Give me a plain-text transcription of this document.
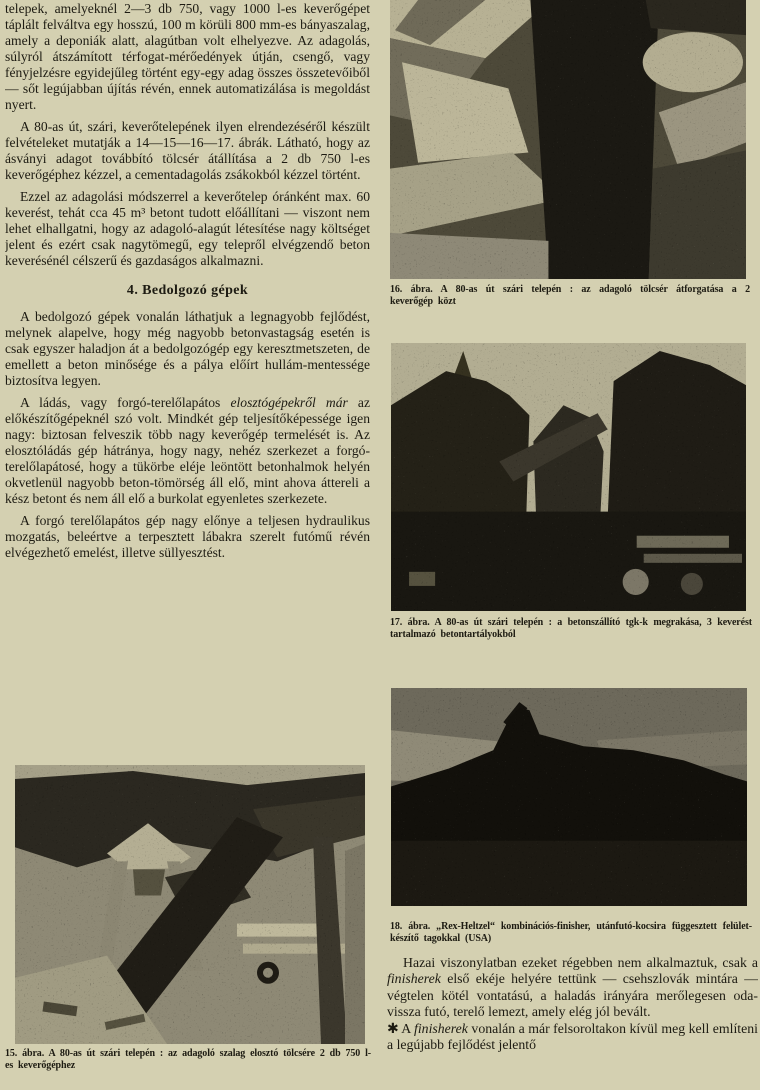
telepek, amelyeknél 2—3 db 750, vagy 1000 l-es keverőgépet táplált felváltva egy hosszú, 100 m körüli 800 mm-es bányaszalag, amely a deponiák alatt, alagútban volt elhelyezve. Az adagolás, súlyról átszámított térfogat-mérőedények útján, csengő, vagy fényjelzésre egyidejűleg történt egy-egy adag összes összetevőiből — sőt legújabban újítás révén, ennek automatizálása is megoldást nyert.

A 80-as út, szári, keverőtelepének ilyen elrendezéséről készült felvételeket mutatják a 14—15—16—17. ábrák. Látható, hogy az ásványi adagot továbbító tölcsér átállítása a 2 db 750 l-es keverőgéphez kézzel, a cementadagolás zsákokból kézzel történt.

Ezzel az adagolási módszerrel a keverőtelep óránként max. 60 keverést, tehát cca 45 m³ betont tudott előállítani — viszont nem lehet elhallgatni, hogy az adagoló-alagút létesítése nagy költséget jelent és ezért csak nagytömegű, egy telepről elvégzendő beton keverésénél célszerű és gazdaságos alkalmazni.

4. Bedolgozó gépek

A bedolgozó gépek vonalán láthatjuk a legnagyobb fejlődést, melynek alapelve, hogy még nagyobb betonvastagság esetén is csak egyszer haladjon át a bedolgozógép egy keresztmetszeten, de emellett a beton minősége és a pálya előírt hullám-mentessége biztosítva legyen.

A ládás, vagy forgó-terelőlapátos elosztógépekről már az előkészítőgépeknél szó volt. Mindkét gép teljesítőképessége igen nagy: biztosan felveszik több nagy keverőgép termelését is. Az elosztóládás gép hátránya, hogy nagy, nehéz szerkezet a forgó-terelőlapátosé, hogy a tükörbe eléje leöntött betonhalmok helyén okvetlenül nagyobb beton-tömörség áll elő, mint ahova áttereli a kész betont és nem áll elő a burkolat egyenletes szerkezete.

A forgó terelőlapátos gép nagy előnye a teljesen hydraulikus mozgatás, beleértve a terpesztett lábakra szerelt futómű révén elvégezhető emelést, illetve süllyesztést.

16. ábra. A 80-as út szári telepén : az adagoló tölcsér átforgatása a 2 keverőgép közt
17. ábra. A 80-as út szári telepén : a betonszállító tgk-k megrakása, 3 keverést tartalmazó betontartályokból
18. ábra. „Rex-Heltzel“ kombinációs-finisher, utánfutó-kocsira függesztett felület-készítő tagokkal (USA)

Hazai viszonylatban ezeket régebben nem alkalmaztuk, csak a finisherek első ekéje helyére tettünk — csehszlovák mintára — végtelen kötél vontatású, a haladás irányára merőlegesen oda-vissza futó, terelő lemezt, amely elég jól bevált.

✱ A finisherek vonalán a már felsoroltakon kívül meg kell említeni a legújabb fejlődést jelentő

15. ábra. A 80-as út szári telepén : az adagoló szalag elosztó tölcsére 2 db 750 l-es keverőgéphez
